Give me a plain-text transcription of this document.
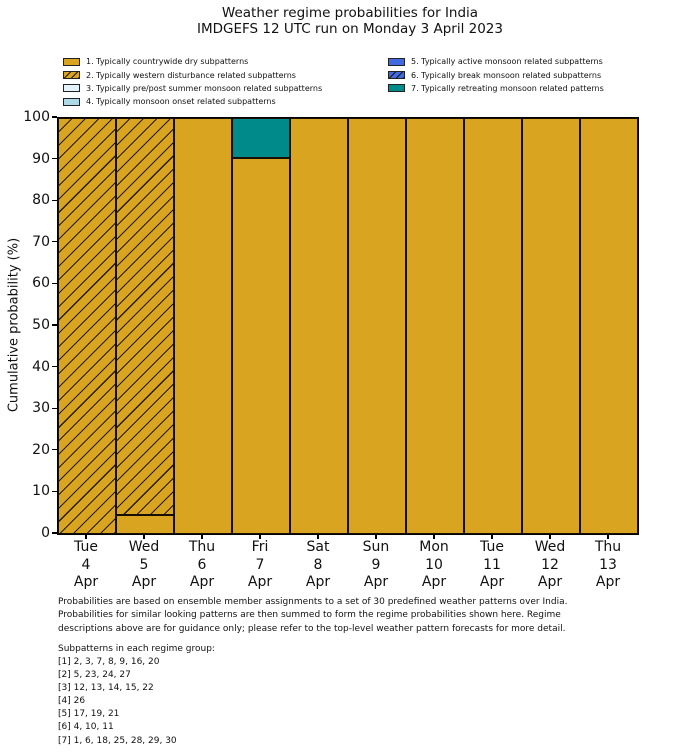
Weather regime probabilities for India
IMDGEFS 12 UTC run on Monday 3 April 2023
1. Typically countrywide dry subpatterns
2. Typically western disturbance related subpatterns
3. Typically pre/post summer monsoon related subpatterns
4. Typically monsoon onset related subpatterns
5. Typically active monsoon related subpatterns
6. Typically break monsoon related subpatterns
7. Typically retreating monsoon related patterns
Cumulative probability (%)
0
10
20
30
40
50
60
70
80
90
100
Tue
4
Apr
Wed
5
Apr
Thu
6
Apr
Fri
7
Apr
Sat
8
Apr
Sun
9
Apr
Mon
10
Apr
Tue
11
Apr
Wed
12
Apr
Thu
13
Apr
Probabilities are based on ensemble member assignments to a set of 30 predefined weather patterns over India.
Probabilities for similar looking patterns are then summed to form the regime probabilities shown here. Regime
descriptions above are for guidance only; please refer to the top-level weather pattern forecasts for more detail.
Subpatterns in each regime group:
[1] 2, 3, 7, 8, 9, 16, 20
[2] 5, 23, 24, 27
[3] 12, 13, 14, 15, 22
[4] 26
[5] 17, 19, 21
[6] 4, 10, 11
[7] 1, 6, 18, 25, 28, 29, 30
